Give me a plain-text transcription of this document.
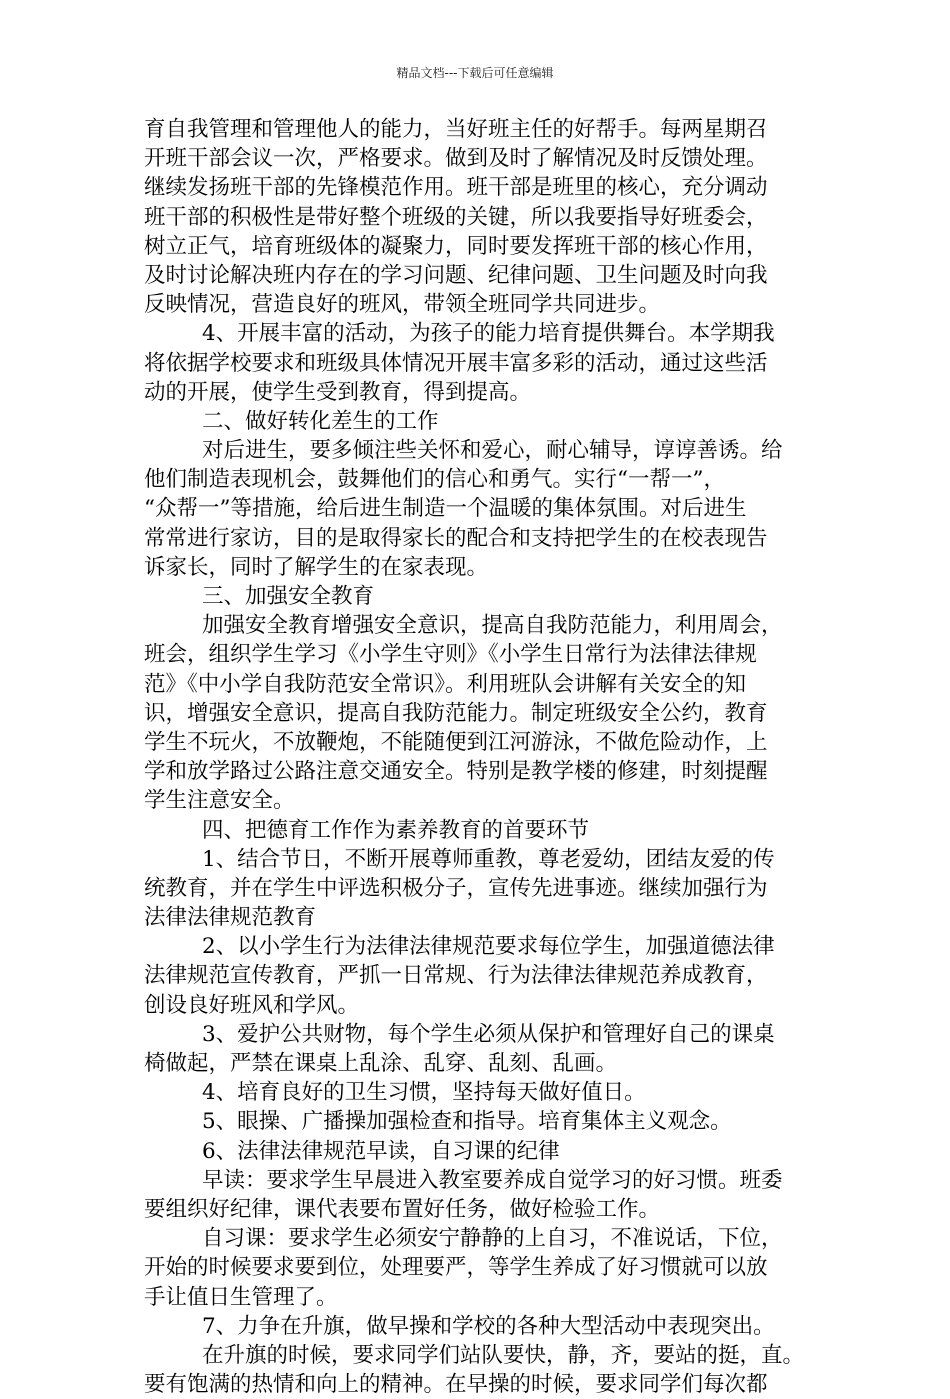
精品文档---下载后可任意编辑
育自我管理和管理他人的能力，当好班主任的好帮手。每两星期召
开班干部会议一次，严格要求。做到及时了解情况及时反馈处理。
继续发扬班干部的先锋模范作用。班干部是班里的核心，充分调动
班干部的积极性是带好整个班级的关键，所以我要指导好班委会，
树立正气，培育班级体的凝聚力，同时要发挥班干部的核心作用，
及时讨论解决班内存在的学习问题、纪律问题、卫生问题及时向我
反映情况，营造良好的班风，带领全班同学共同进步。
4、开展丰富的活动，为孩子的能力培育提供舞台。本学期我
将依据学校要求和班级具体情况开展丰富多彩的活动，通过这些活
动的开展，使学生受到教育，得到提高。
二、做好转化差生的工作
对后进生，要多倾注些关怀和爱心，耐心辅导，谆谆善诱。给
他们制造表现机会，鼓舞他们的信心和勇气。实行“一帮一”，
“众帮一”等措施，给后进生制造一个温暖的集体氛围。对后进生
常常进行家访，目的是取得家长的配合和支持把学生的在校表现告
诉家长，同时了解学生的在家表现。
三、加强安全教育
加强安全教育增强安全意识，提高自我防范能力，利用周会，
班会，组织学生学习《小学生守则》《小学生日常行为法律法律规
范》《中小学自我防范安全常识》。利用班队会讲解有关安全的知
识，增强安全意识，提高自我防范能力。制定班级安全公约，教育
学生不玩火，不放鞭炮，不能随便到江河游泳，不做危险动作，上
学和放学路过公路注意交通安全。特别是教学楼的修建，时刻提醒
学生注意安全。
四、把德育工作作为素养教育的首要环节
1、结合节日，不断开展尊师重教，尊老爱幼，团结友爱的传
统教育，并在学生中评选积极分子，宣传先进事迹。继续加强行为
法律法律规范教育
2、以小学生行为法律法律规范要求每位学生，加强道德法律
法律规范宣传教育，严抓一日常规、行为法律法律规范养成教育，
创设良好班风和学风。
3、爱护公共财物，每个学生必须从保护和管理好自己的课桌
椅做起，严禁在课桌上乱涂、乱穿、乱刻、乱画。
4、培育良好的卫生习惯，坚持每天做好值日。
5、眼操、广播操加强检查和指导。培育集体主义观念。
6、法律法律规范早读，自习课的纪律
早读：要求学生早晨进入教室要养成自觉学习的好习惯。班委
要组织好纪律，课代表要布置好任务，做好检验工作。
自习课：要求学生必须安宁静静的上自习，不准说话，下位，
开始的时候要求要到位，处理要严，等学生养成了好习惯就可以放
手让值日生管理了。
7、力争在升旗，做早操和学校的各种大型活动中表现突出。
在升旗的时候，要求同学们站队要快，静，齐，要站的挺，直。
要有饱满的热情和向上的精神。在早操的时候，要求同学们每次都
